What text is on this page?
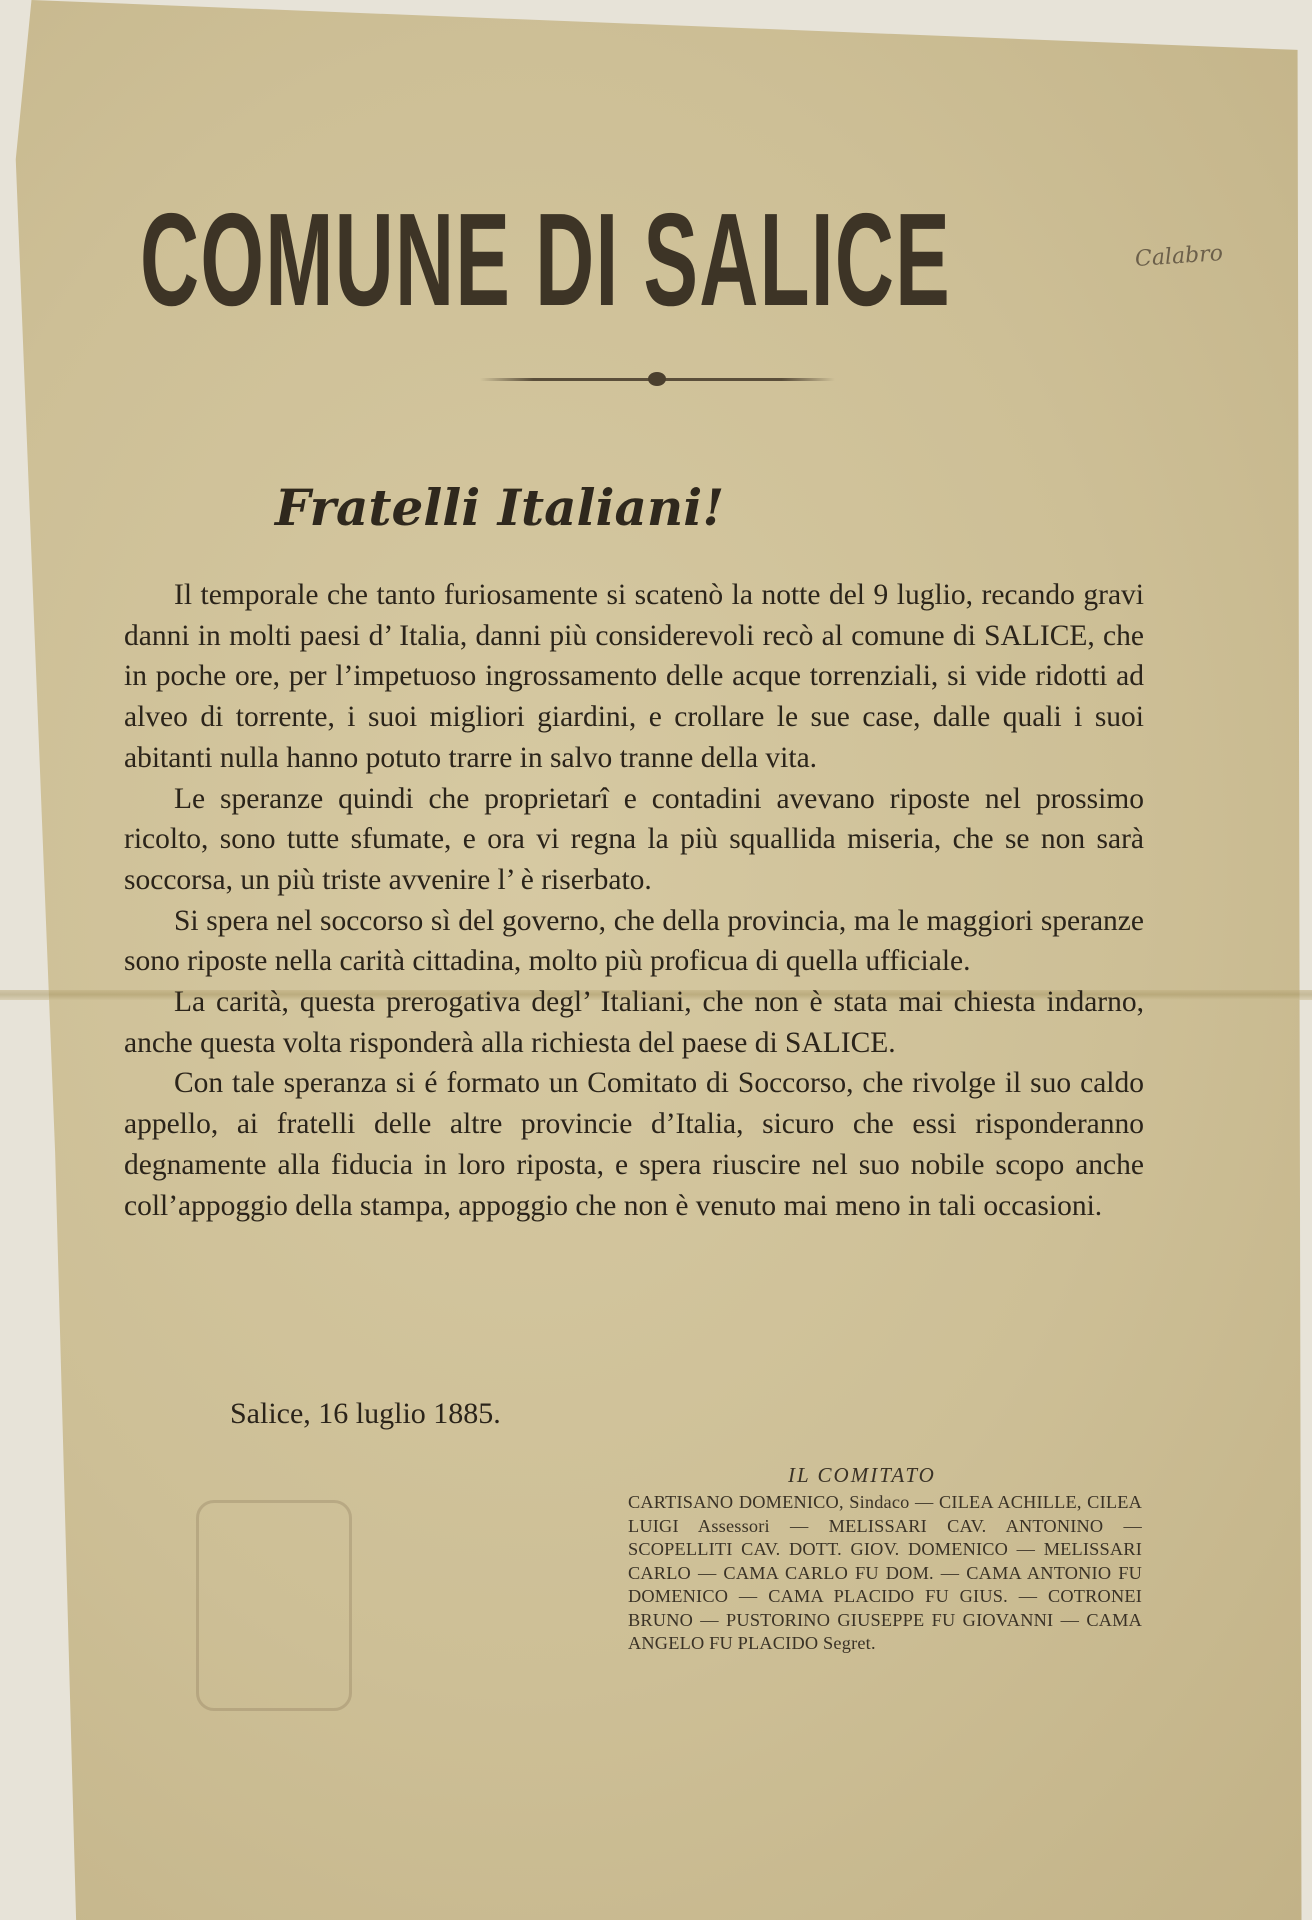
COMUNE DI SALICE	Calabro
Fratelli Italiani!

Il temporale che tanto furiosamente si scatenò la notte del 9 luglio, recando gravi danni in molti paesi d’ Italia, danni più considerevoli recò al comune di SALICE, che in poche ore, per l’impetuoso ingrossamento delle acque torrenziali, si vide ridotti ad alveo di torrente, i suoi migliori giardini, e crollare le sue case, dalle quali i suoi abitanti nulla hanno potuto trarre in salvo tranne della vita.

Le speranze quindi che proprietarî e contadini avevano riposte nel prossimo ricolto, sono tutte sfumate, e ora vi regna la più squallida miseria, che se non sarà soccorsa, un più triste avvenire l’ è riserbato.

Si spera nel soccorso sì del governo, che della provincia, ma le maggiori speranze sono riposte nella carità cittadina, molto più proficua di quella ufficiale.

La carità, questa prerogativa degl’ Italiani, che non è stata mai chiesta indarno, anche questa volta risponderà alla richiesta del paese di SALICE.

Con tale speranza si é formato un Comitato di Soccorso, che rivolge il suo caldo appello, ai fratelli delle altre provincie d’Italia, sicuro che essi risponderanno degnamente alla fiducia in loro riposta, e spera riuscire nel suo nobile scopo anche coll’appoggio della stampa, appoggio che non è venuto mai meno in tali occasioni.

Salice, 16 luglio 1885.
IL COMITATO
CARTISANO DOMENICO, Sindaco — CILEA ACHILLE, CILEA LUIGI Assessori — MELISSARI CAV. ANTONINO — SCOPELLITI CAV. DOTT. GIOV. DOMENICO — MELISSARI CARLO — CAMA CARLO FU DOM. — CAMA ANTONIO FU DOMENICO — CAMA PLACIDO FU GIUS. — COTRONEI BRUNO — PUSTORINO GIUSEPPE FU GIOVANNI — CAMA ANGELO FU PLACIDO Segret.
